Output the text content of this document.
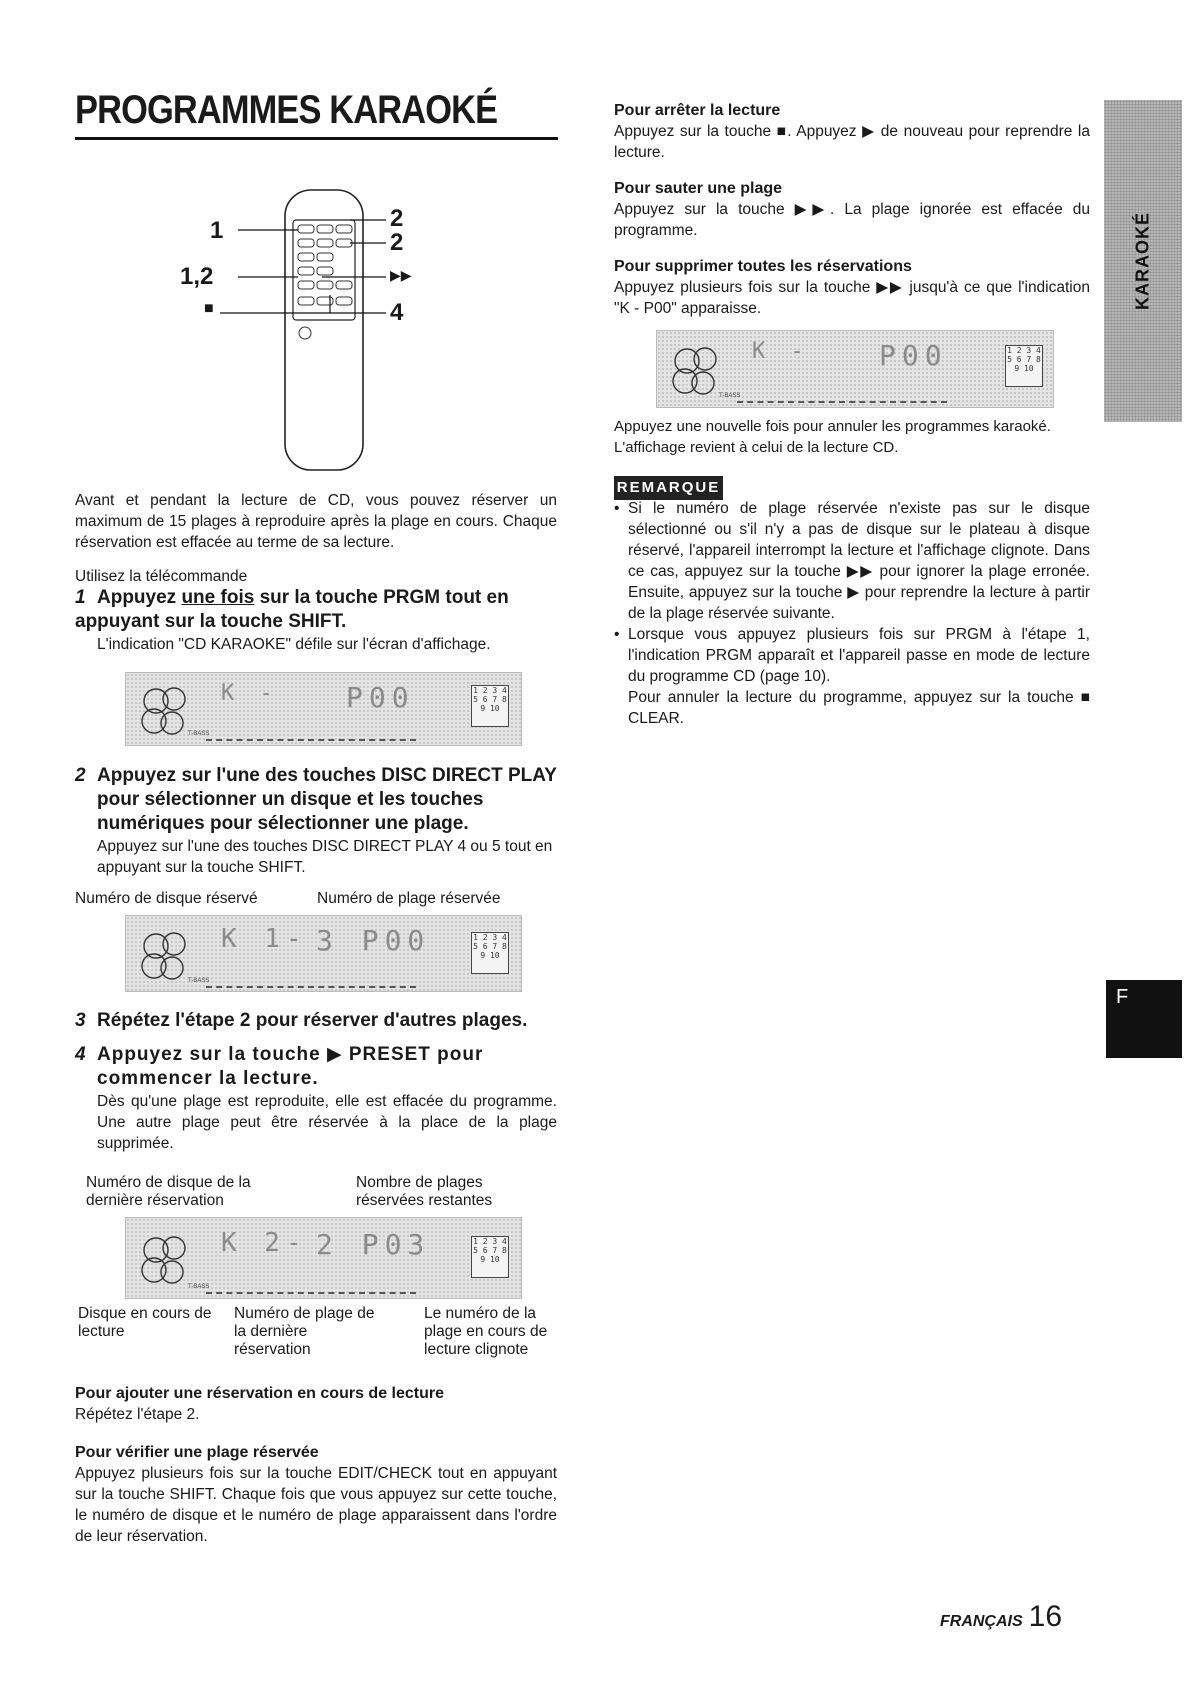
PROGRAMMES KARAOKÉ
1
1,2
■
2
2
▶▶
4
Avant et pendant la lecture de CD, vous pouvez réserver un maximum de 15 plages à reproduire après la plage en cours. Chaque réservation est effacée au terme de sa lecture.
Utilisez la télécommande
1 Appuyez une fois sur la touche PRGM tout en appuyant sur la touche SHIFT.
L'indication "CD KARAOKE" défile sur l'écran d'affichage.
K - P00	1 2 3 4 5 6 7 8 9 10
T-BASS
2 Appuyez sur l'une des touches DISC DIRECT PLAY pour sélectionner un disque et les touches numériques pour sélectionner une plage.
Appuyez sur l'une des touches DISC DIRECT PLAY 4 ou 5 tout en appuyant sur la touche SHIFT.
Numéro de disque réservé	Numéro de plage réservée
K 1- 3 P00	1 2 3 4 5 6 7 8 9 10
T-BASS
3 Répétez l'étape 2 pour réserver d'autres plages.
4 Appuyez sur la touche ▶ PRESET pour commencer la lecture.
Dès qu'une plage est reproduite, elle est effacée du programme. Une autre plage peut être réservée à la place de la plage supprimée.
Numéro de disque de la dernière réservation
Nombre de plages réservées restantes
K 2- 2 P03	1 2 3 4 5 6 7 8 9 10
T-BASS
Disque en cours de lecture
Numéro de plage de la dernière réservation
Le numéro de la plage en cours de lecture clignote
Pour ajouter une réservation en cours de lecture
Répétez l'étape 2.
Pour vérifier une plage réservée
Appuyez plusieurs fois sur la touche EDIT/CHECK tout en appuyant sur la touche SHIFT. Chaque fois que vous appuyez sur cette touche, le numéro de disque et le numéro de plage apparaissent dans l'ordre de leur réservation.
Pour arrêter la lecture
Appuyez sur la touche ■. Appuyez ▶ de nouveau pour reprendre la lecture.
Pour sauter une plage
Appuyez sur la touche ▶▶. La plage ignorée est effacée du programme.
Pour supprimer toutes les réservations
Appuyez plusieurs fois sur la touche ▶▶ jusqu'à ce que l'indication "K - P00" apparaisse.
K - P00	1 2 3 4 5 6 7 8 9 10
T-BASS
Appuyez une nouvelle fois pour annuler les programmes karaoké. L'affichage revient à celui de la lecture CD.
REMARQUE
• Si le numéro de plage réservée n'existe pas sur le disque sélectionné ou s'il n'y a pas de disque sur le plateau à disque réservé, l'appareil interrompt la lecture et l'affichage clignote. Dans ce cas, appuyez sur la touche ▶▶ pour ignorer la plage erronée. Ensuite, appuyez sur la touche ▶ pour reprendre la lecture à partir de la plage réservée suivante.
• Lorsque vous appuyez plusieurs fois sur PRGM à l'étape 1, l'indication PRGM apparaît et l'appareil passe en mode de lecture du programme CD (page 10).
Pour annuler la lecture du programme, appuyez sur la touche ■ CLEAR.
KARAOKÉ
F
FRANÇAIS 16
